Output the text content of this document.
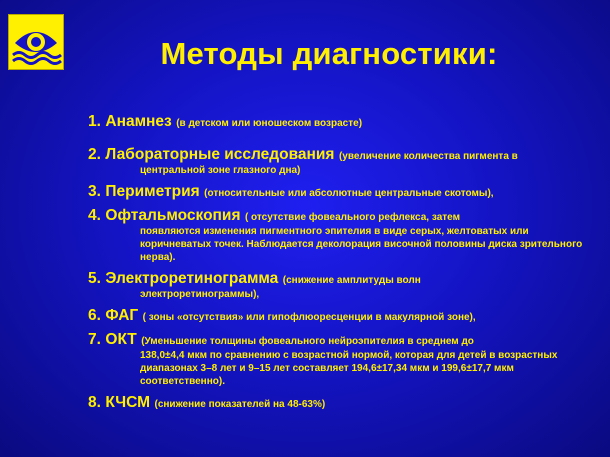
Методы диагностики:
1. Анамнез (в детском или юношеском возрасте)
2. Лабораторные исследования (увеличение количества пигмента в
центральной зоне глазного дна)
3. Периметрия (относительные или абсолютные центральные скотомы),
4. Офтальмоскопия ( отсутствие фовеального рефлекса, затем
появляются изменения пигментного эпителия в виде серых, желтоватых или коричневатых точек. Наблюдается деколорация височной половины диска зрительного нерва).
5. Электроретинограмма (снижение амплитуды волн
электроретинограммы),
6. ФАГ ( зоны «отсутствия» или гипофлюоресценции в макулярной зоне),
7. ОКТ (Уменьшение толщины фовеального нейроэпителия в среднем до
138,0±4,4 мкм по сравнению с возрастной нормой, которая для детей в возрастных диапазонах 3–8 лет и 9–15 лет составляет 194,6±17,34 мкм и 199,6±17,7 мкм соответственно).
8. КЧСМ (снижение показателей на 48-63%)
